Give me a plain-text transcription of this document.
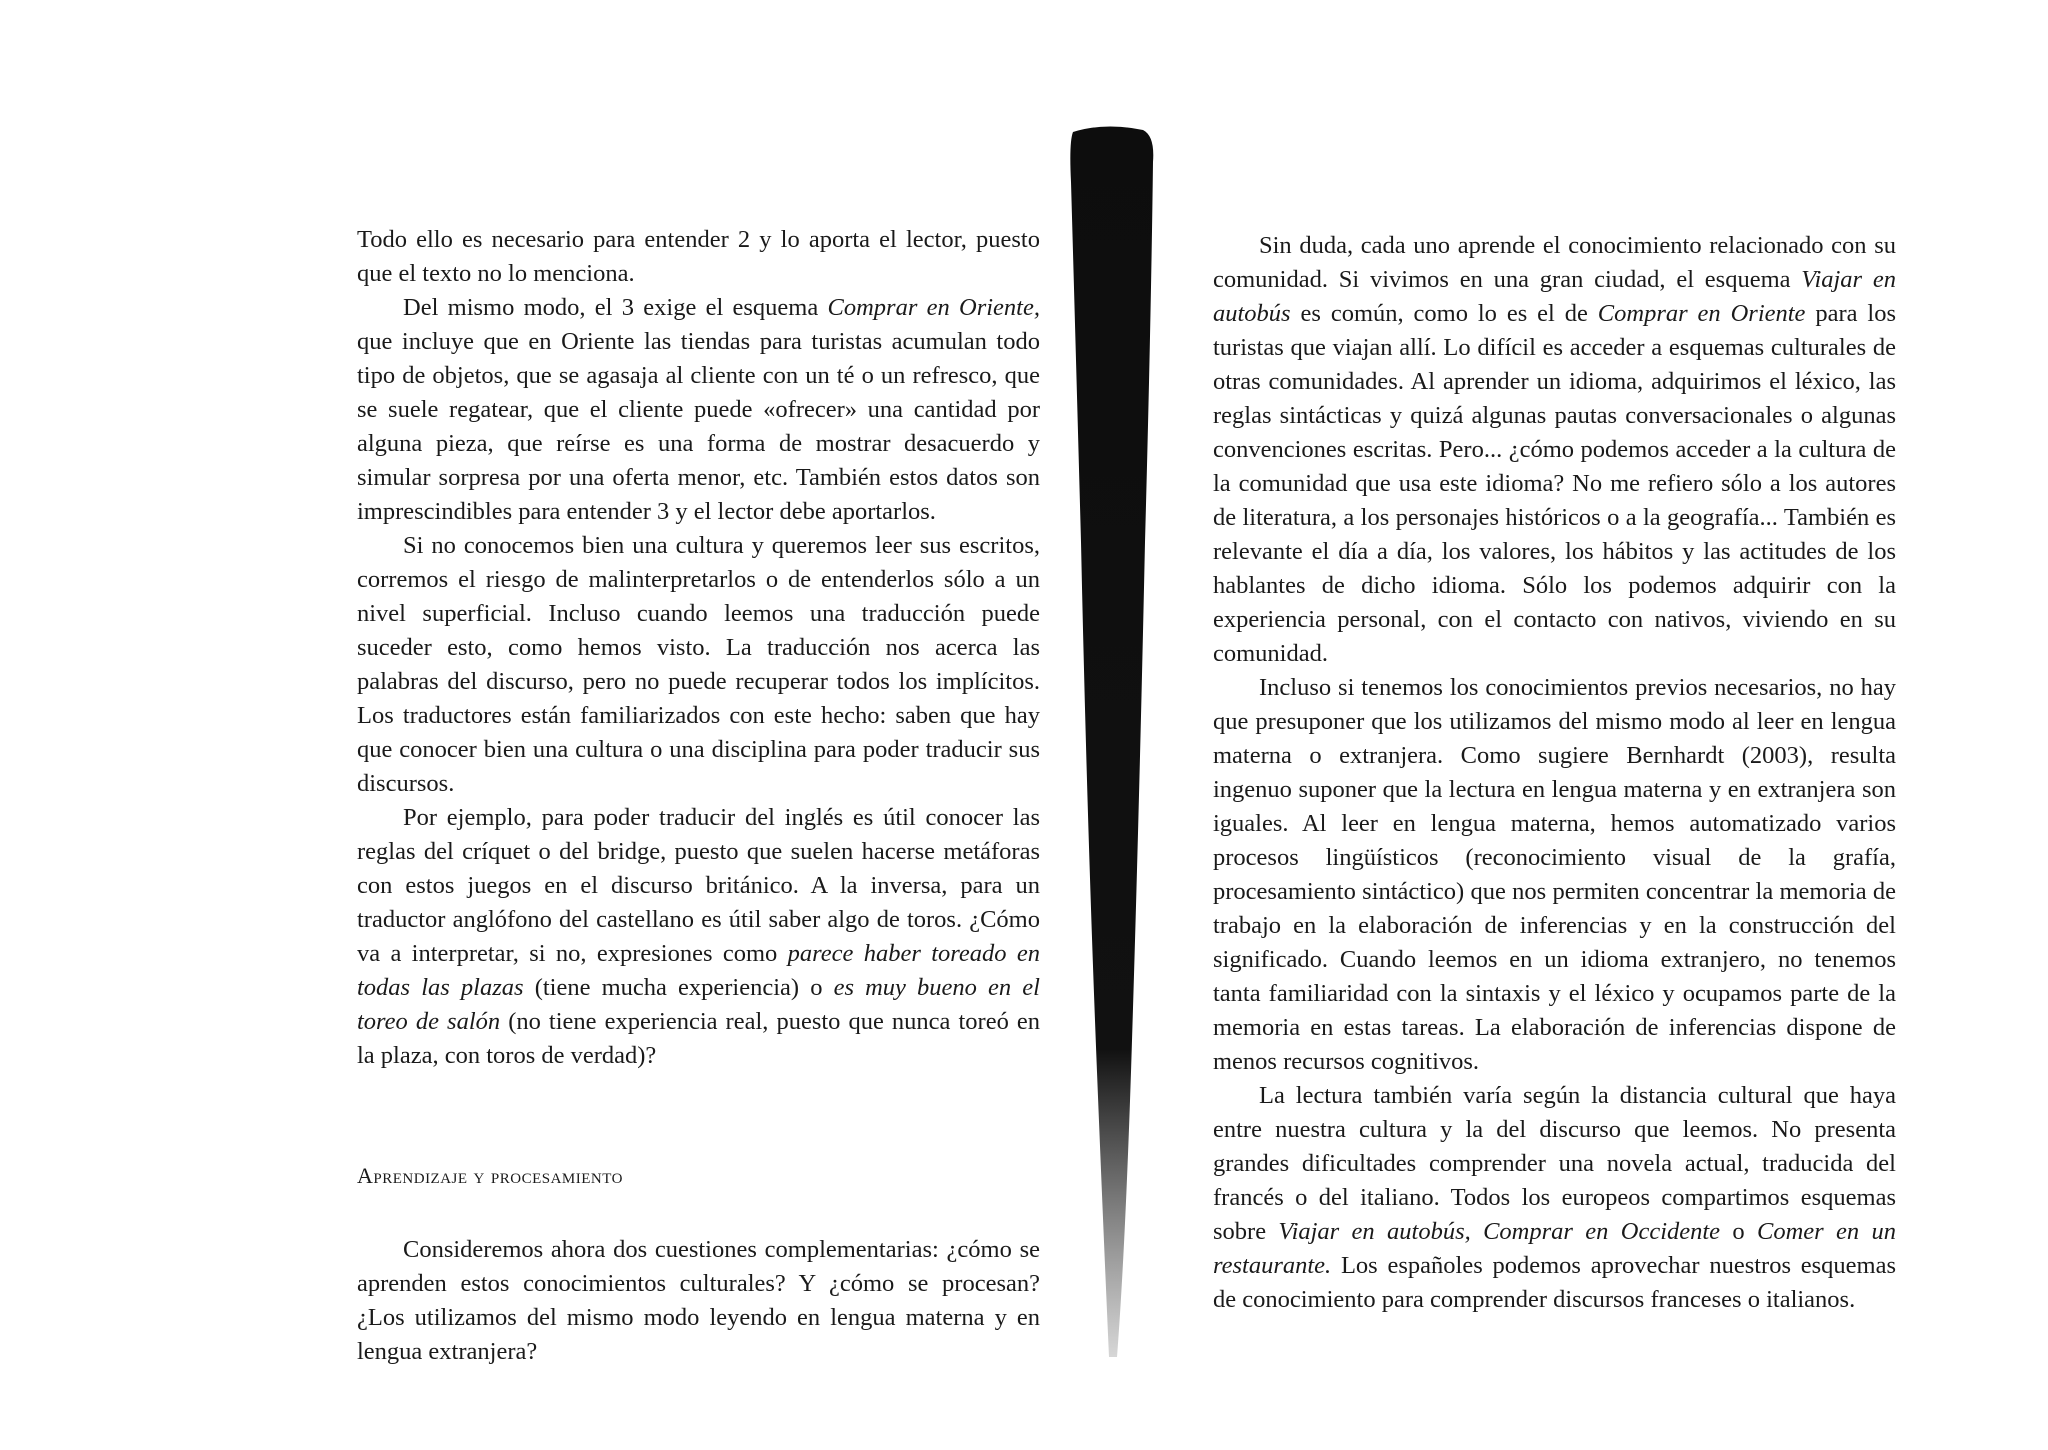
Todo ello es necesario para entender 2 y lo aporta el lector, puesto que el texto no lo menciona.

Del mismo modo, el 3 exige el esquema Comprar en Oriente, que incluye que en Oriente las tiendas para turistas acumulan todo tipo de objetos, que se agasaja al cliente con un té o un refresco, que se suele regatear, que el cliente puede «ofrecer» una cantidad por alguna pieza, que reírse es una forma de mostrar desacuerdo y simular sorpresa por una oferta menor, etc. También estos datos son imprescindibles para entender 3 y el lector debe aportarlos.

Si no conocemos bien una cultura y queremos leer sus escritos, corremos el riesgo de malinterpretarlos o de entenderlos sólo a un nivel superficial. Incluso cuando leemos una traducción puede suceder esto, como hemos visto. La traducción nos acerca las palabras del discurso, pero no puede recuperar todos los implícitos. Los traductores están familiarizados con este hecho: saben que hay que conocer bien una cultura o una disciplina para poder traducir sus discursos.

Por ejemplo, para poder traducir del inglés es útil conocer las reglas del críquet o del bridge, puesto que suelen hacerse metáforas con estos juegos en el discurso británico. A la inversa, para un traductor anglófono del castellano es útil saber algo de toros. ¿Cómo va a interpretar, si no, expresiones como parece haber toreado en todas las plazas (tiene mucha experiencia) o es muy bueno en el toreo de salón (no tiene experiencia real, puesto que nunca toreó en la plaza, con toros de verdad)?

Aprendizaje y procesamiento

Consideremos ahora dos cuestiones complementarias: ¿cómo se aprenden estos conocimientos culturales? Y ¿cómo se procesan? ¿Los utilizamos del mismo modo leyendo en lengua materna y en lengua extranjera?

Sin duda, cada uno aprende el conocimiento relacionado con su comunidad. Si vivimos en una gran ciudad, el esquema Viajar en autobús es común, como lo es el de Comprar en Oriente para los turistas que viajan allí. Lo difícil es acceder a esquemas culturales de otras comunidades. Al aprender un idioma, adquirimos el léxico, las reglas sintácticas y quizá algunas pautas conversacionales o algunas convenciones escritas. Pero... ¿cómo podemos acceder a la cultura de la comunidad que usa este idioma? No me refiero sólo a los autores de literatura, a los personajes históricos o a la geografía... También es relevante el día a día, los valores, los hábitos y las actitudes de los hablantes de dicho idioma. Sólo los podemos adquirir con la experiencia personal, con el contacto con nativos, viviendo en su comunidad.

Incluso si tenemos los conocimientos previos necesarios, no hay que presuponer que los utilizamos del mismo modo al leer en lengua materna o extranjera. Como sugiere Bernhardt (2003), resulta ingenuo suponer que la lectura en lengua materna y en extranjera son iguales. Al leer en lengua materna, hemos automatizado varios procesos lingüísticos (reconocimiento visual de la grafía, procesamiento sintáctico) que nos permiten concentrar la memoria de trabajo en la elaboración de inferencias y en la construcción del significado. Cuando leemos en un idioma extranjero, no tenemos tanta familiaridad con la sintaxis y el léxico y ocupamos parte de la memoria en estas tareas. La elaboración de inferencias dispone de menos recursos cognitivos.

La lectura también varía según la distancia cultural que haya entre nuestra cultura y la del discurso que leemos. No presenta grandes dificultades comprender una novela actual, traducida del francés o del italiano. Todos los europeos compartimos esquemas sobre Viajar en autobús, Comprar en Occidente o Comer en un restaurante. Los españoles podemos aprovechar nuestros esquemas de conocimiento para comprender discursos franceses o italianos.
